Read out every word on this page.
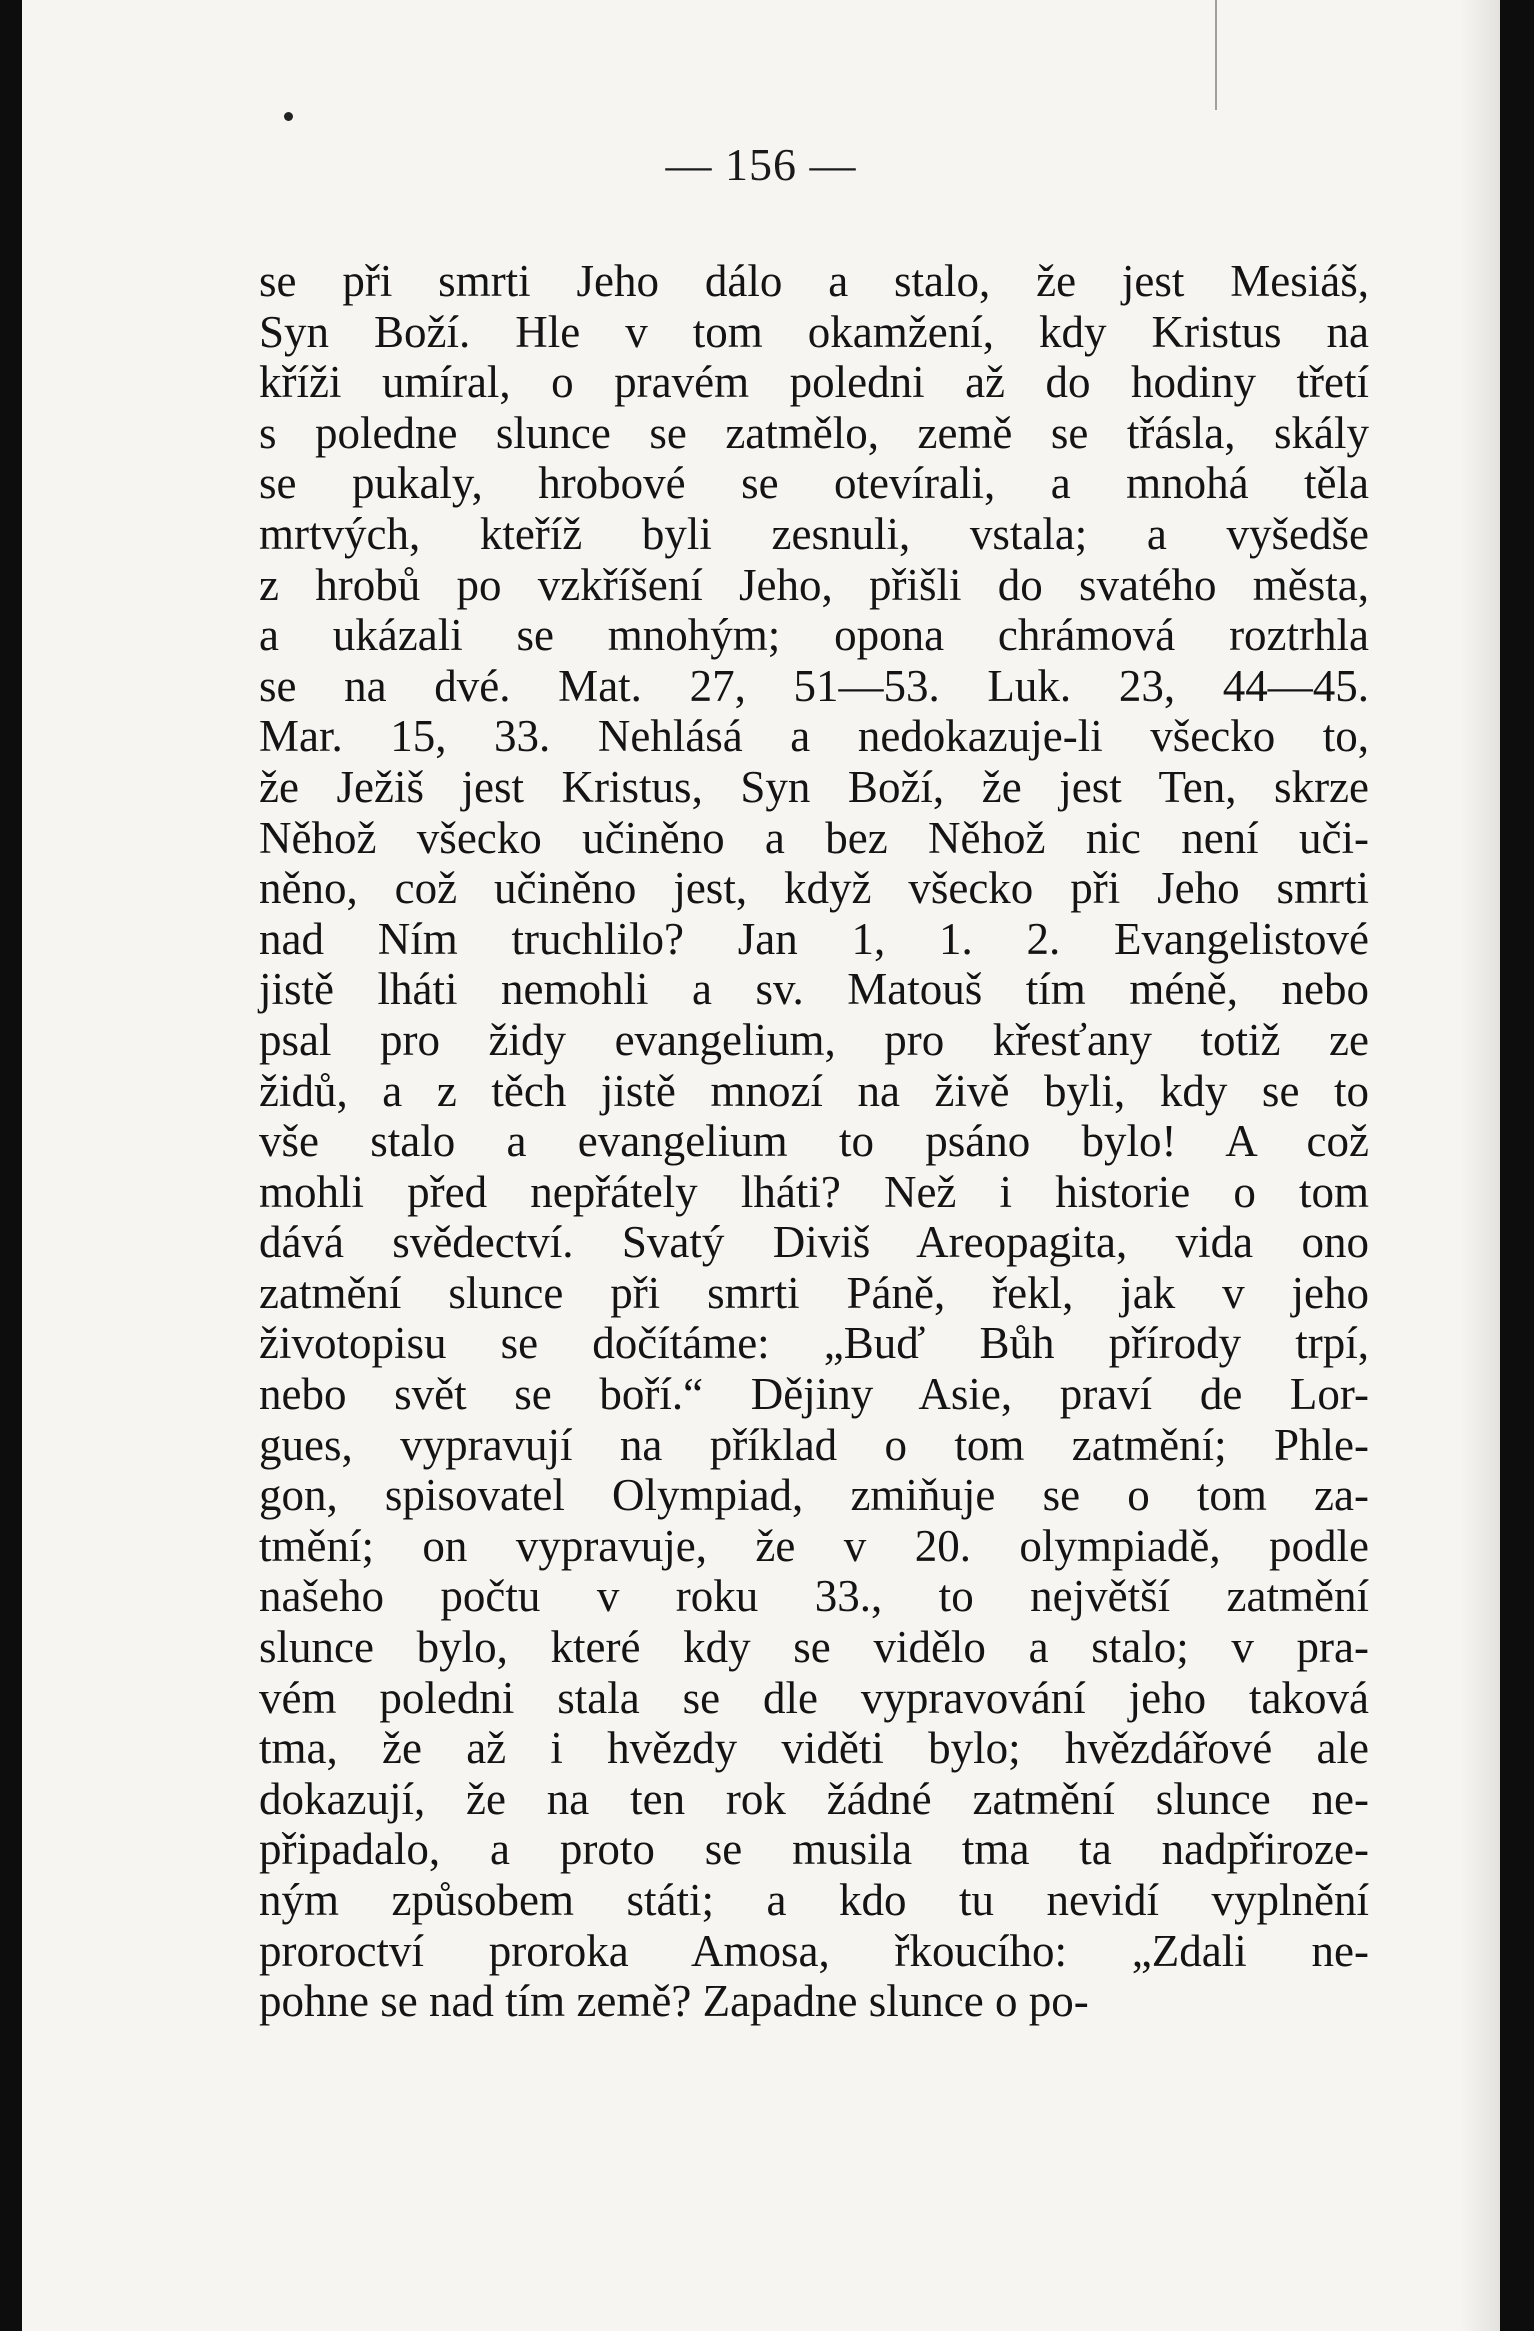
— 156 —
se při smrti Jeho dálo a stalo, že jest Mesiáš,
Syn Boží. Hle v tom okamžení, kdy Kristus na
kříži umíral, o pravém poledni až do hodiny třetí
s poledne slunce se zatmělo, země se třásla, skály
se pukaly, hrobové se otevírali, a mnohá těla
mrtvých, kteříž byli zesnuli, vstala; a vyšedše
z hrobů po vzkříšení Jeho, přišli do svatého města,
a ukázali se mnohým; opona chrámová roztrhla
se na dvé. Mat. 27, 51—53. Luk. 23, 44—45.
Mar. 15, 33. Nehlásá a nedokazuje-li všecko to,
že Ježiš jest Kristus, Syn Boží, že jest Ten, skrze
Něhož všecko učiněno a bez Něhož nic není uči-
něno, což učiněno jest, když všecko při Jeho smrti
nad Ním truchlilo? Jan 1, 1. 2. Evangelistové
jistě lháti nemohli a sv. Matouš tím méně, nebo
psal pro židy evangelium, pro křesťany totiž ze
židů, a z těch jistě mnozí na živě byli, kdy se to
vše stalo a evangelium to psáno bylo! A což
mohli před nepřátely lháti? Než i historie o tom
dává svědectví. Svatý Diviš Areopagita, vida ono
zatmění slunce při smrti Páně, řekl, jak v jeho
životopisu se dočítáme: „Buď Bůh přírody trpí,
nebo svět se boří.“ Dějiny Asie, praví de Lor-
gues, vypravují na příklad o tom zatmění; Phle-
gon, spisovatel Olympiad, zmiňuje se o tom za-
tmění; on vypravuje, že v 20. olympiadě, podle
našeho počtu v roku 33., to největší zatmění
slunce bylo, které kdy se vidělo a stalo; v pra-
vém poledni stala se dle vypravování jeho taková
tma, že až i hvězdy viděti bylo; hvězdářové ale
dokazují, že na ten rok žádné zatmění slunce ne-
připadalo, a proto se musila tma ta nadpřiroze-
ným způsobem státi; a kdo tu nevidí vyplnění
proroctví proroka Amosa, řkoucího: „Zdali ne-
pohne se nad tím země? Zapadne slunce o po-
